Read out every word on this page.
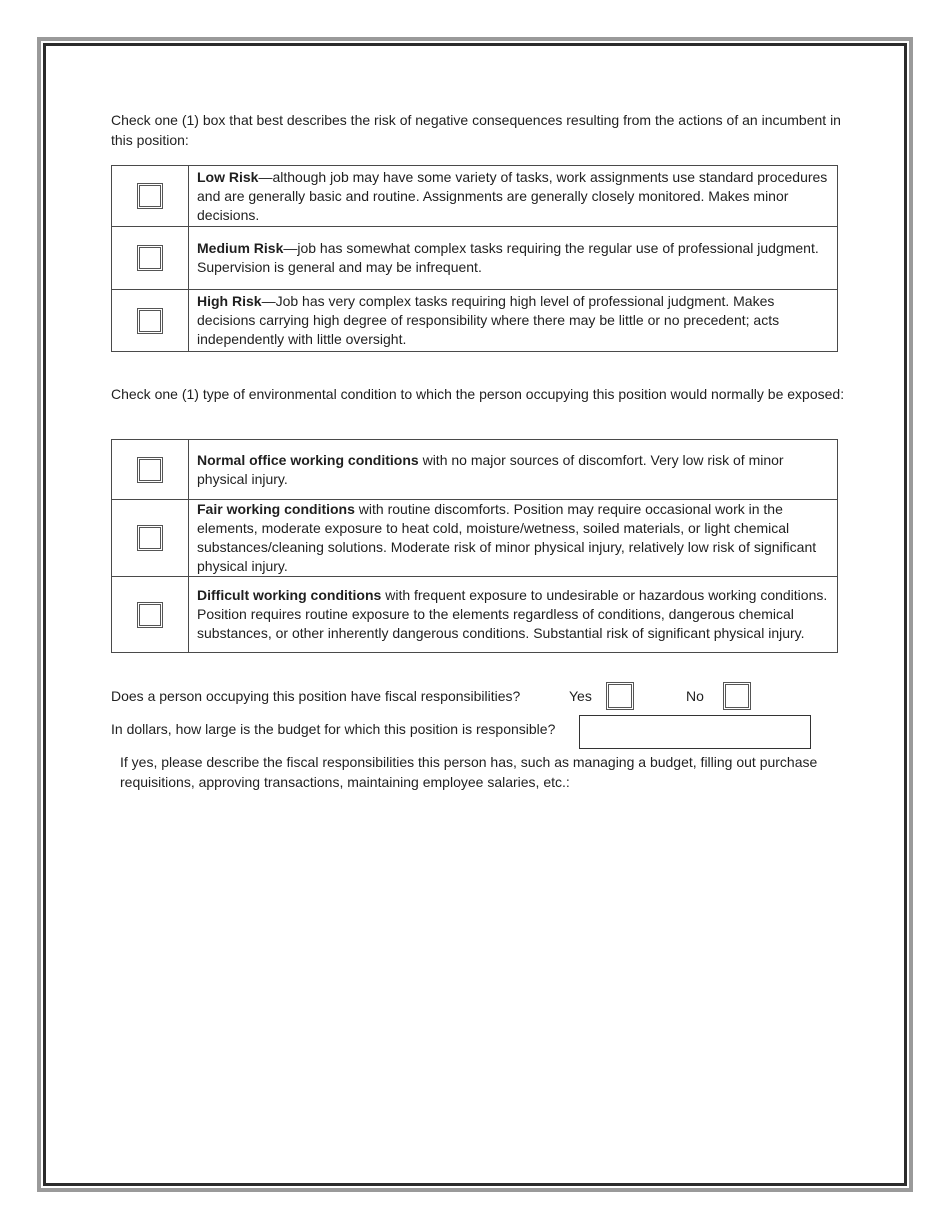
Check one (1) box that best describes the risk of negative consequences resulting from the actions of an incumbent in this position:
	Low Risk—although job may have some variety of tasks, work assignments use standard procedures and are generally basic and routine. Assignments are generally closely monitored. Makes minor decisions.

	Medium Risk—job has somewhat complex tasks requiring the regular use of professional judgment. Supervision is general and may be infrequent.

	High Risk—Job has very complex tasks requiring high level of professional judgment. Makes decisions carrying high degree of responsibility where there may be little or no precedent; acts independently with little oversight.
Check one (1) type of environmental condition to which the person occupying this position would normally be exposed:
	Normal office working conditions with no major sources of discomfort. Very low risk of minor physical injury.

	Fair working conditions with routine discomforts. Position may require occasional work in the elements, moderate exposure to heat cold, moisture/wetness, soiled materials, or light chemical substances/cleaning solutions. Moderate risk of minor physical injury, relatively low risk of significant physical injury.

	Difficult working conditions with frequent exposure to undesirable or hazardous working conditions. Position requires routine exposure to the elements regardless of conditions, dangerous chemical substances, or other inherently dangerous conditions. Substantial risk of significant physical injury.
Does a person occupying this position have fiscal responsibilities?	Yes	No
In dollars, how large is the budget for which this position is responsible?
If yes, please describe the fiscal responsibilities this person has, such as managing a budget, filling out purchase requisitions, approving transactions, maintaining employee salaries, etc.:
